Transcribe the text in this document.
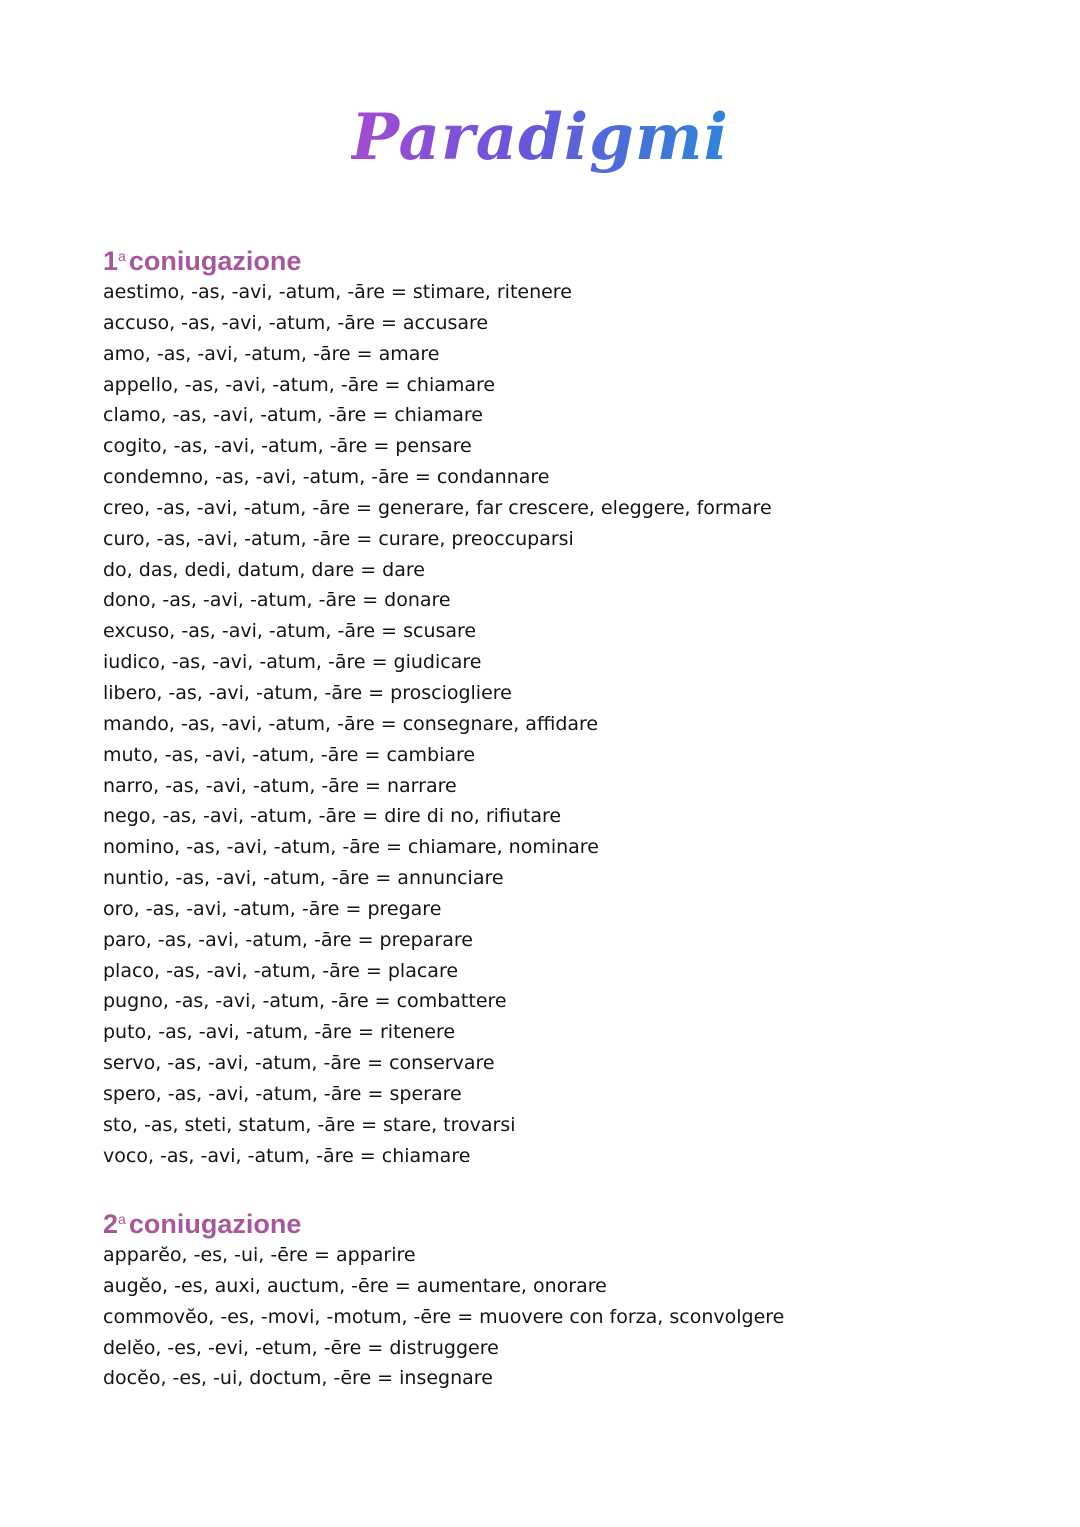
Paradigmi
1$^a$ coniugazione
aestimo, -as, -avi, -atum, -āre = stimare, ritenere
accuso, -as, -avi, -atum, -āre = accusare
amo, -as, -avi, -atum, -āre = amare
appello, -as, -avi, -atum, -āre = chiamare
clamo, -as, -avi, -atum, -āre = chiamare
cogito, -as, -avi, -atum, -āre = pensare
condemno, -as, -avi, -atum, -āre = condannare
creo, -as, -avi, -atum, -āre = generare, far crescere, eleggere, formare
curo, -as, -avi, -atum, -āre = curare, preoccuparsi
do, das, dedi, datum, dare = dare
dono, -as, -avi, -atum, -āre = donare
excuso, -as, -avi, -atum, -āre = scusare
iudico, -as, -avi, -atum, -āre = giudicare
libero, -as, -avi, -atum, -āre = prosciogliere
mando, -as, -avi, -atum, -āre = consegnare, affidare
muto, -as, -avi, -atum, -āre = cambiare
narro, -as, -avi, -atum, -āre = narrare
nego, -as, -avi, -atum, -āre = dire di no, rifiutare
nomino, -as, -avi, -atum, -āre = chiamare, nominare
nuntio, -as, -avi, -atum, -āre = annunciare
oro, -as, -avi, -atum, -āre = pregare
paro, -as, -avi, -atum, -āre = preparare
placo, -as, -avi, -atum, -āre = placare
pugno, -as, -avi, -atum, -āre = combattere
puto, -as, -avi, -atum, -āre = ritenere
servo, -as, -avi, -atum, -āre = conservare
spero, -as, -avi, -atum, -āre = sperare
sto, -as, steti, statum, -āre = stare, trovarsi
voco, -as, -avi, -atum, -āre = chiamare
2$^a$ coniugazione
apparĕo, -es, -ui, -ēre = apparire
augĕo, -es, auxi, auctum, -ēre = aumentare, onorare
commovĕo, -es, -movi, -motum, -ēre = muovere con forza, sconvolgere
delĕo, -es, -evi, -etum, -ēre = distruggere
docĕo, -es, -ui, doctum, -ēre = insegnare
